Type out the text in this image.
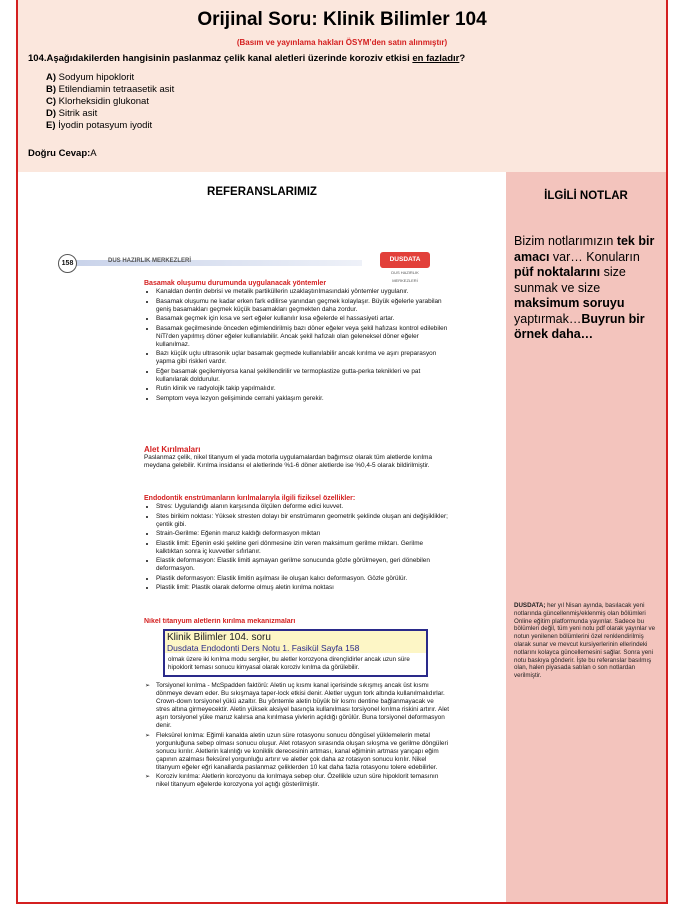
Orijinal Soru: Klinik Bilimler 104
(Basım ve yayınlama hakları ÖSYM’den satın alınmıştır)
104.Aşağıdakilerden hangisinin paslanmaz çelik kanal aletleri üzerinde koroziv etkisi en fazladır?
A) Sodyum hipoklorit
B) Etilendiamin tetraasetik asit
C) Klorheksidin glukonat
D) Sitrik asit
E) İyodin potasyum iyodit
Doğru Cevap:A
REFERANSLARIMIZ
158	DUS HAZIRLIK MERKEZLERİ	DUSDATA
DUS HAZIRLIK MERKEZLERİ
Basamak oluşumu durumunda uygulanacak yöntemler
• Kanaldan dentin debrisi ve metalik partiküllerin uzaklaştırılmasındaki yöntemler uygulanır.
• Basamak oluşumu ne kadar erken fark edilirse yanından geçmek kolaylaşır. Büyük eğelerle yarabilan geniş basamakları geçmek küçük basamakları geçmekten daha zordur.
• Basamak geçmek için kısa ve sert eğeler kullanılır kısa eğelerde el hassasiyeti artar.
• Basamak geçilmesinde önceden eğimlendirilmiş bazı döner eğeler veya şekil hafızası kontrol edilebilen NiTi'den yapılmış döner eğeler kullanılabilir. Ancak şekil hafızalı olan geleneksel döner eğeler kullanılmaz.
• Bazı küçük uçlu ultrasonik uçlar basamak geçmede kullanılabilir ancak kırılma ve aşırı preparasyon yapma gibi riskleri vardır.
• Eğer basamak geçilemiyorsa kanal şekillendirilir ve termoplastize gutta-perka teknikleri ve pat kullanılarak doldurulur.
• Rutin klinik ve radyolojik takip yapılmalıdır.
• Semptom veya lezyon gelişiminde cerrahi yaklaşım gerekir.
Alet Kırılmaları

Paslanmaz çelik, nikel titanyum el yada motorla uygulamalardan bağımsız olarak tüm aletlerde kırılma meydana gelebilir. Kırılma insidansı el aletlerinde %1-6 döner aletlerde ise %0,4-5 olarak bildirilmiştir.

Endodontik enstrümanların kırılmalarıyla ilgili fiziksel özellikler:
• Stres: Uygulandığı alanın karşısında ölçülen deforme edici kuvvet.
• Stes birikim noktası: Yüksek stresten dolayı bir enstrümanın geometrik şeklinde oluşan ani değişiklikler; çentik gibi.
• Strain-Gerilme: Eğenin maruz kaldığı deformasyon miktarı
• Elastik limit: Eğenin eski şekline geri dönmesine izin veren maksimum gerilme miktarı. Gerilme kalktıktan sonra iç kuvvetler sıfırlanır.
• Elastik deformasyon: Elastik limiti aşmayan gerilme sonucunda gözle görülmeyen, geri dönebilen deformasyon.
• Plastik deformasyon: Elastik limitin aşılması ile oluşan kalıcı deformasyon. Gözle görülür.
• Plastik limit: Plastik olarak deforme olmuş aletin kırılma noktası
Nikel titanyum aletlerin kırılma mekanizmaları
➢ Torsiyonel kırılma - McSpadden faktörü: Aletin uç kısmı kanal içerisinde sıkışmış ancak üst kısmı dönmeye devam eder. Bu sıkışmaya taper-lock etkisi denir. Aletler uygun tork altında kullanılmalıdırlar. Crown-down torsiyonel yükü azaltır. Bu yöntemle aletin büyük bir kısmı dentine bağlanmayacak ve stres altına girmeyecektir. Aletin yüksek aksiyel basınçla kullanılması torsiyonel kırılma riskini artırır. Alet aşırı torsiyonel yüke maruz kalırsa ana kırılmasa yivlerin açıldığı görülür. Buna torsiyonel deformasyon denir.
➢ Fleksürel kırılma: Eğimli kanalda aletin uzun süre rotasyonu sonucu döngüsel yüklemelerin metal yorgunluğuna sebep olması sonucu oluşur. Alet rotasyon sırasında oluşan sıkışma ve gerilme döngüleri sonucu kırılır. Aletlerin kalınlığı ve koniklik derecesinin artması, kanal eğiminin artması yarıçapı eğim çapının azalması fleksürel yorgunluğu artırır ve aletler çok daha az rotasyon sonucu kırılır. Nikel titanyum eğeler eğri kanallarda paslanmaz çeliklerden 10 kat daha fazla rotasyonu tolere edebilirler.
➢ Koroziv kırılma: Aletlerin korozyonu da kırılmaya sebep olur. Özellikle uzun süre hipoklorit temasının nikel titanyum eğelerde korozyona yol açtığı gösterilmiştir.
Klinik Bilimler 104. soru
Dusdata Endodonti Ders Notu 1. Fasikül Sayfa 158
olmak üzere iki kırılma modu sergiler, bu aletler korozyona dirençlidirler ancak uzun süre hipoklorit teması sonucu kimyasal olarak koroziv kırılma da görülebilir.
İLGİLİ NOTLAR
Bizim notlarımızın tek bir amacı var… Konuların püf noktalarını size sunmak ve size maksimum soruyu yaptırmak…Buyrun bir örnek daha…
DUSDATA; her yıl Nisan ayında, basılacak yeni notlarında güncellenmiş/eklenmiş olan bölümleri Online eğitim platformunda yayınlar. Sadece bu bölümleri değil, tüm yeni notu pdf olarak yayınlar ve notun yenilenen bölümlerini özel renklendirilmiş olarak sunar ve mevcut kursiyerlerinin ellerindeki notlarını kolayca güncellemesini sağlar. Sonra yeni notu baskıya gönderir. İşte bu referanslar basılmış olan, halen piyasada satılan o son notlardan verilmiştir.
